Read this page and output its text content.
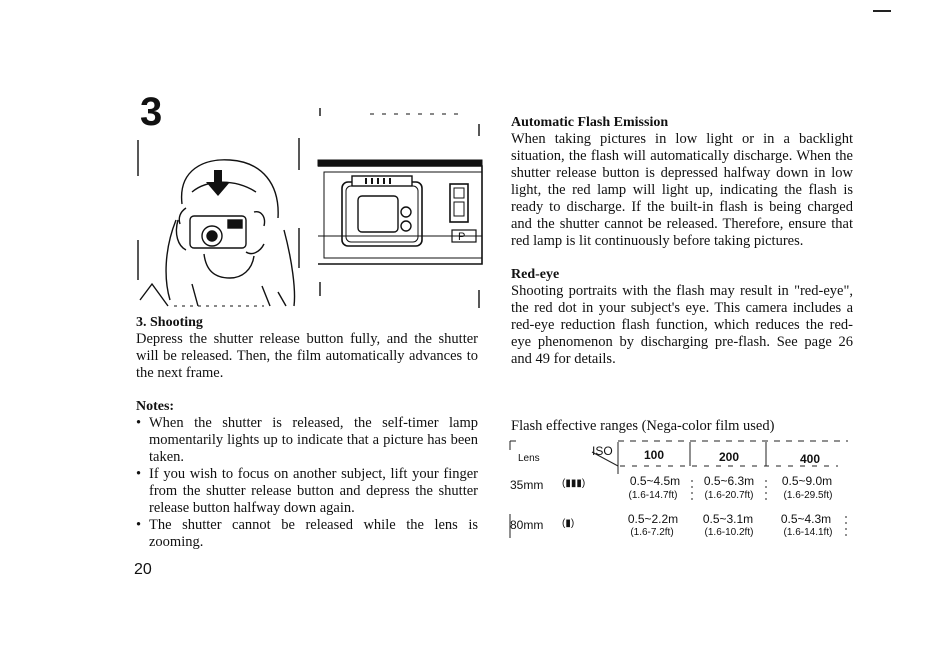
3
P
3. Shooting

Depress the shutter release button fully, and the shutter will be released. Then, the film automatically advances to the next frame.

Notes:
• When the shutter is released, the self-timer lamp momentarily lights up to indicate that a picture has been taken.
• If you wish to focus on another subject, lift your finger from the shutter release button and depress the shutter release button halfway down again.
• The shutter cannot be released while the lens is zooming.
20
Automatic Flash Emission

When taking pictures in low light or in a backlight situation, the flash will automatically discharge. When the shutter release button is depressed halfway down in low light, the red lamp will light up, indicating the flash is ready to discharge. If the built-in flash is being charged and the shutter cannot be released. Therefore, ensure that red lamp is lit continuously before taking pictures.

Red-eye

Shooting portraits with the flash may result in "red-eye", the red dot in your subject's eye. This camera includes a red-eye reduction flash function, which reduces the red-eye phenomenon by discharging pre-flash. See page 26 and 49 for details.

Flash effective ranges (Nega-color film used)
Lens
ISO	100	200	400
35mm (▮▮▮)	0.5~4.5m	0.5~6.3m	0.5~9.0m
(1.6-14.7ft)	(1.6-20.7ft)	(1.6-29.5ft)
80mm (▮)	0.5~2.2m	0.5~3.1m	0.5~4.3m
(1.6-7.2ft)	(1.6-10.2ft)	(1.6-14.1ft)
